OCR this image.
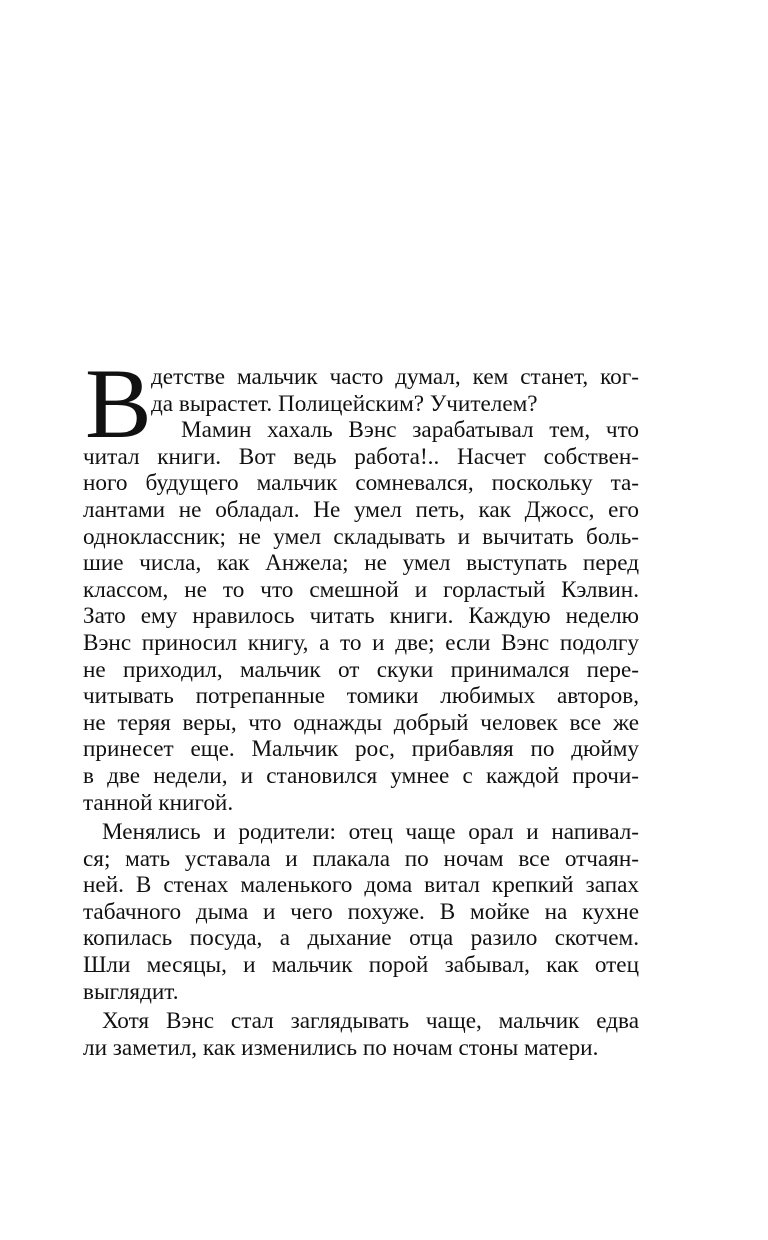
В детстве мальчик часто думал, кем станет, ког-
да вырастет. Полицейским? Учителем?
Мамин хахаль Вэнс зарабатывал тем, что
читал книги. Вот ведь работа!.. Насчет собствен-
ного будущего мальчик сомневался, поскольку та-
лантами не обладал. Не умел петь, как Джосс, его
одноклассник; не умел складывать и вычитать боль-
шие числа, как Анжела; не умел выступать перед
классом, не то что смешной и горластый Кэлвин.
Зато ему нравилось читать книги. Каждую неделю
Вэнс приносил книгу, а то и две; если Вэнс подолгу
не приходил, мальчик от скуки принимался пере-
читывать потрепанные томики любимых авторов,
не теряя веры, что однажды добрый человек все же
принесет еще. Мальчик рос, прибавляя по дюйму
в две недели, и становился умнее с каждой прочи-
танной книгой.
Менялись и родители: отец чаще орал и напивал-
ся; мать уставала и плакала по ночам все отчаян-
ней. В стенах маленького дома витал крепкий запах
табачного дыма и чего похуже. В мойке на кухне
копилась посуда, а дыхание отца разило скотчем.
Шли месяцы, и мальчик порой забывал, как отец
выглядит.
Хотя Вэнс стал заглядывать чаще, мальчик едва
ли заметил, как изменились по ночам стоны матери.
